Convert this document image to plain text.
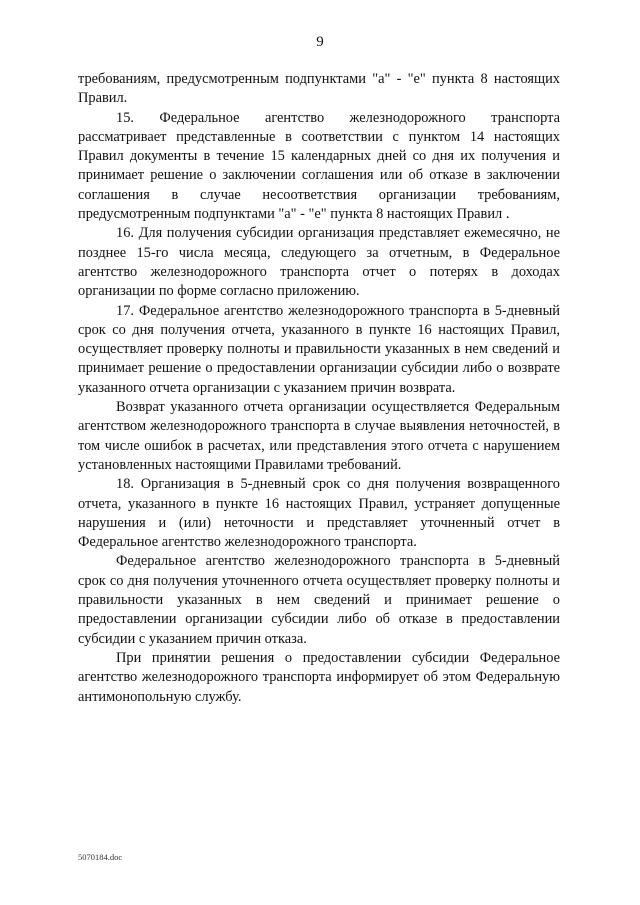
9

требованиям, предусмотренным подпунктами "а" - "е" пункта 8 настоящих Правил.

15. Федеральное агентство железнодорожного транспорта рассматривает представленные в соответствии с пунктом 14 настоящих Правил документы в течение 15 календарных дней со дня их получения и принимает решение о заключении соглашения или об отказе в заключении соглашения в случае несоответствия организации требованиям, предусмотренным подпунктами "а" - "е" пункта 8 настоящих Правил .

16. Для получения субсидии организация представляет ежемесячно, не позднее 15-го числа месяца, следующего за отчетным, в Федеральное агентство железнодорожного транспорта отчет о потерях в доходах организации по форме согласно приложению.

17. Федеральное агентство железнодорожного транспорта в 5-дневный срок со дня получения отчета, указанного в пункте 16 настоящих Правил, осуществляет проверку полноты и правильности указанных в нем сведений и принимает решение о предоставлении организации субсидии либо о возврате указанного отчета организации с указанием причин возврата.

Возврат указанного отчета организации осуществляется Федеральным агентством железнодорожного транспорта в случае выявления неточностей, в том числе ошибок в расчетах, или представления этого отчета с нарушением установленных настоящими Правилами требований.

18. Организация в 5-дневный срок со дня получения возвращенного отчета, указанного в пункте 16 настоящих Правил, устраняет допущенные нарушения и (или) неточности и представляет уточненный отчет в Федеральное агентство железнодорожного транспорта.

Федеральное агентство железнодорожного транспорта в 5-дневный срок со дня получения уточненного отчета осуществляет проверку полноты и правильности указанных в нем сведений и принимает решение о предоставлении организации субсидии либо об отказе в предоставлении субсидии с указанием причин отказа.

При принятии решения о предоставлении субсидии Федеральное агентство железнодорожного транспорта информирует об этом Федеральную антимонопольную службу.

5070184.doc
